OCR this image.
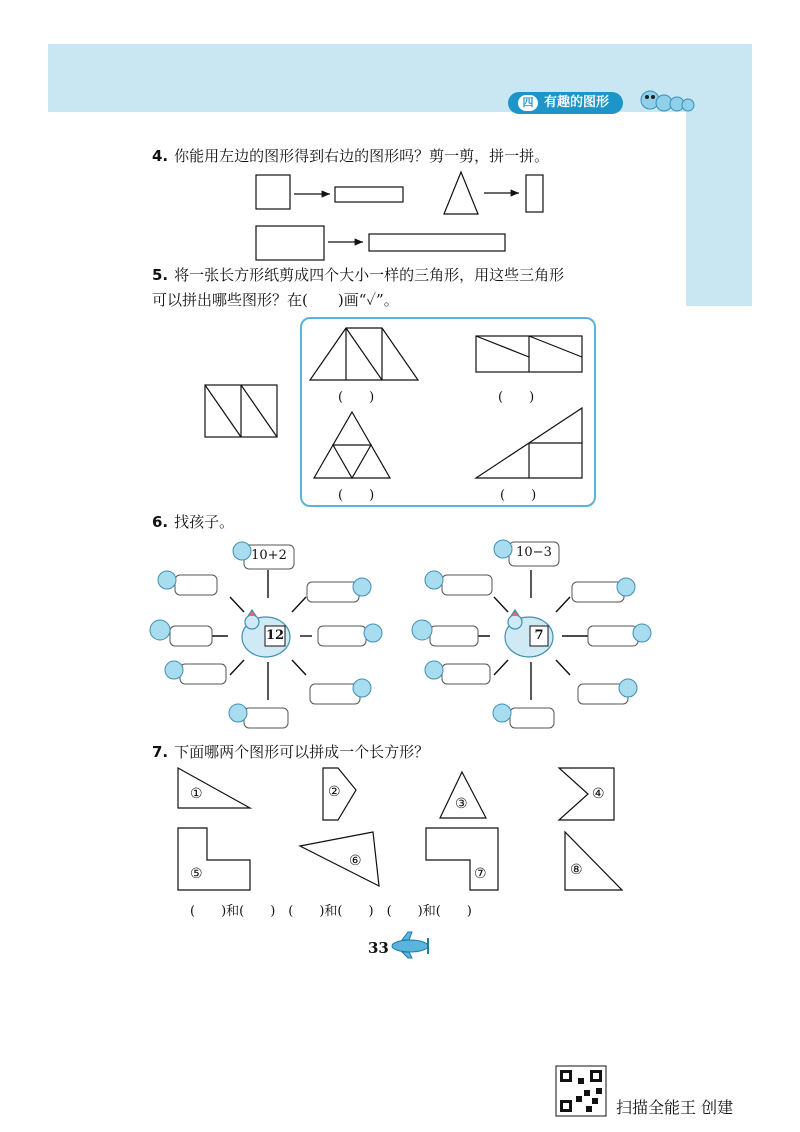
四 有趣的图形
4. 你能用左边的图形得到右边的图形吗？剪一剪，拼一拼。
5. 将一张长方形纸剪成四个大小一样的三角形，用这些三角形
可以拼出哪些图形？在(　　)画“✓”。
(　　)	(　　)
(　　)	(　　)
6. 找孩子。
10+2
12
10−3
7
7. 下面哪两个图形可以拼成一个长方形？
①	②
③
④
⑤
⑥
⑦	⑧
(　　)和(　　)　(　　)和(　　)　(　　)和(　　)
33
扫描全能王 创建
